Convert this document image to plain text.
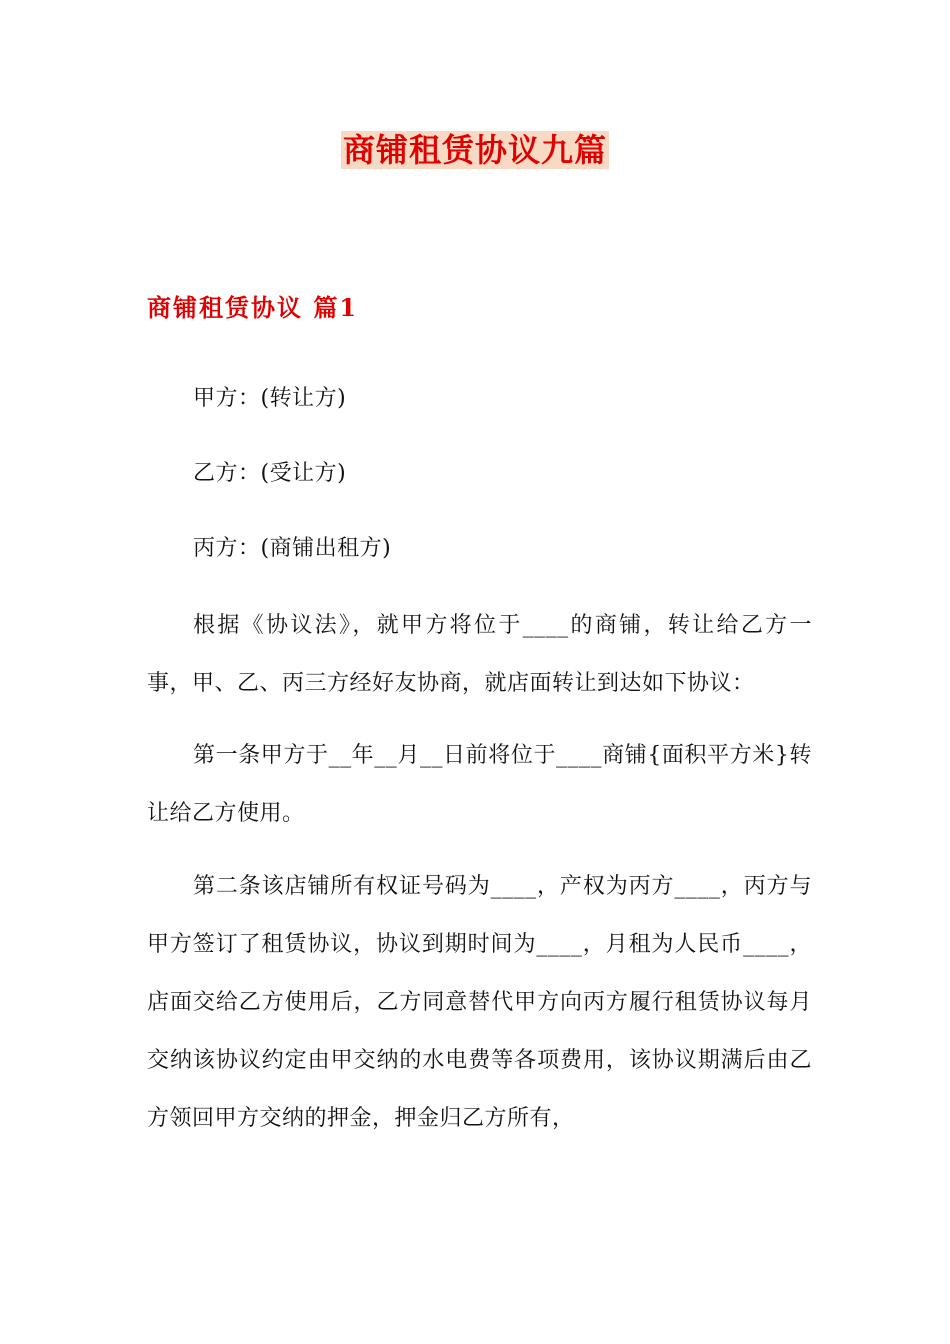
商铺租赁协议九篇
商铺租赁协议 篇1

甲方：(转让方)

乙方：(受让方)

丙方：(商铺出租方)

根据《协议法》，就甲方将位于____的商铺，转让给乙方一事，甲、乙、丙三方经好友协商，就店面转让到达如下协议：

第一条甲方于__年__月__日前将位于____商铺{面积平方米}转让给乙方使用。

第二条该店铺所有权证号码为____，产权为丙方____，丙方与甲方签订了租赁协议，协议到期时间为____，月租为人民币____，店面交给乙方使用后，乙方同意替代甲方向丙方履行租赁协议每月交纳该协议约定由甲交纳的水电费等各项费用，该协议期满后由乙方领回甲方交纳的押金，押金归乙方所有，
